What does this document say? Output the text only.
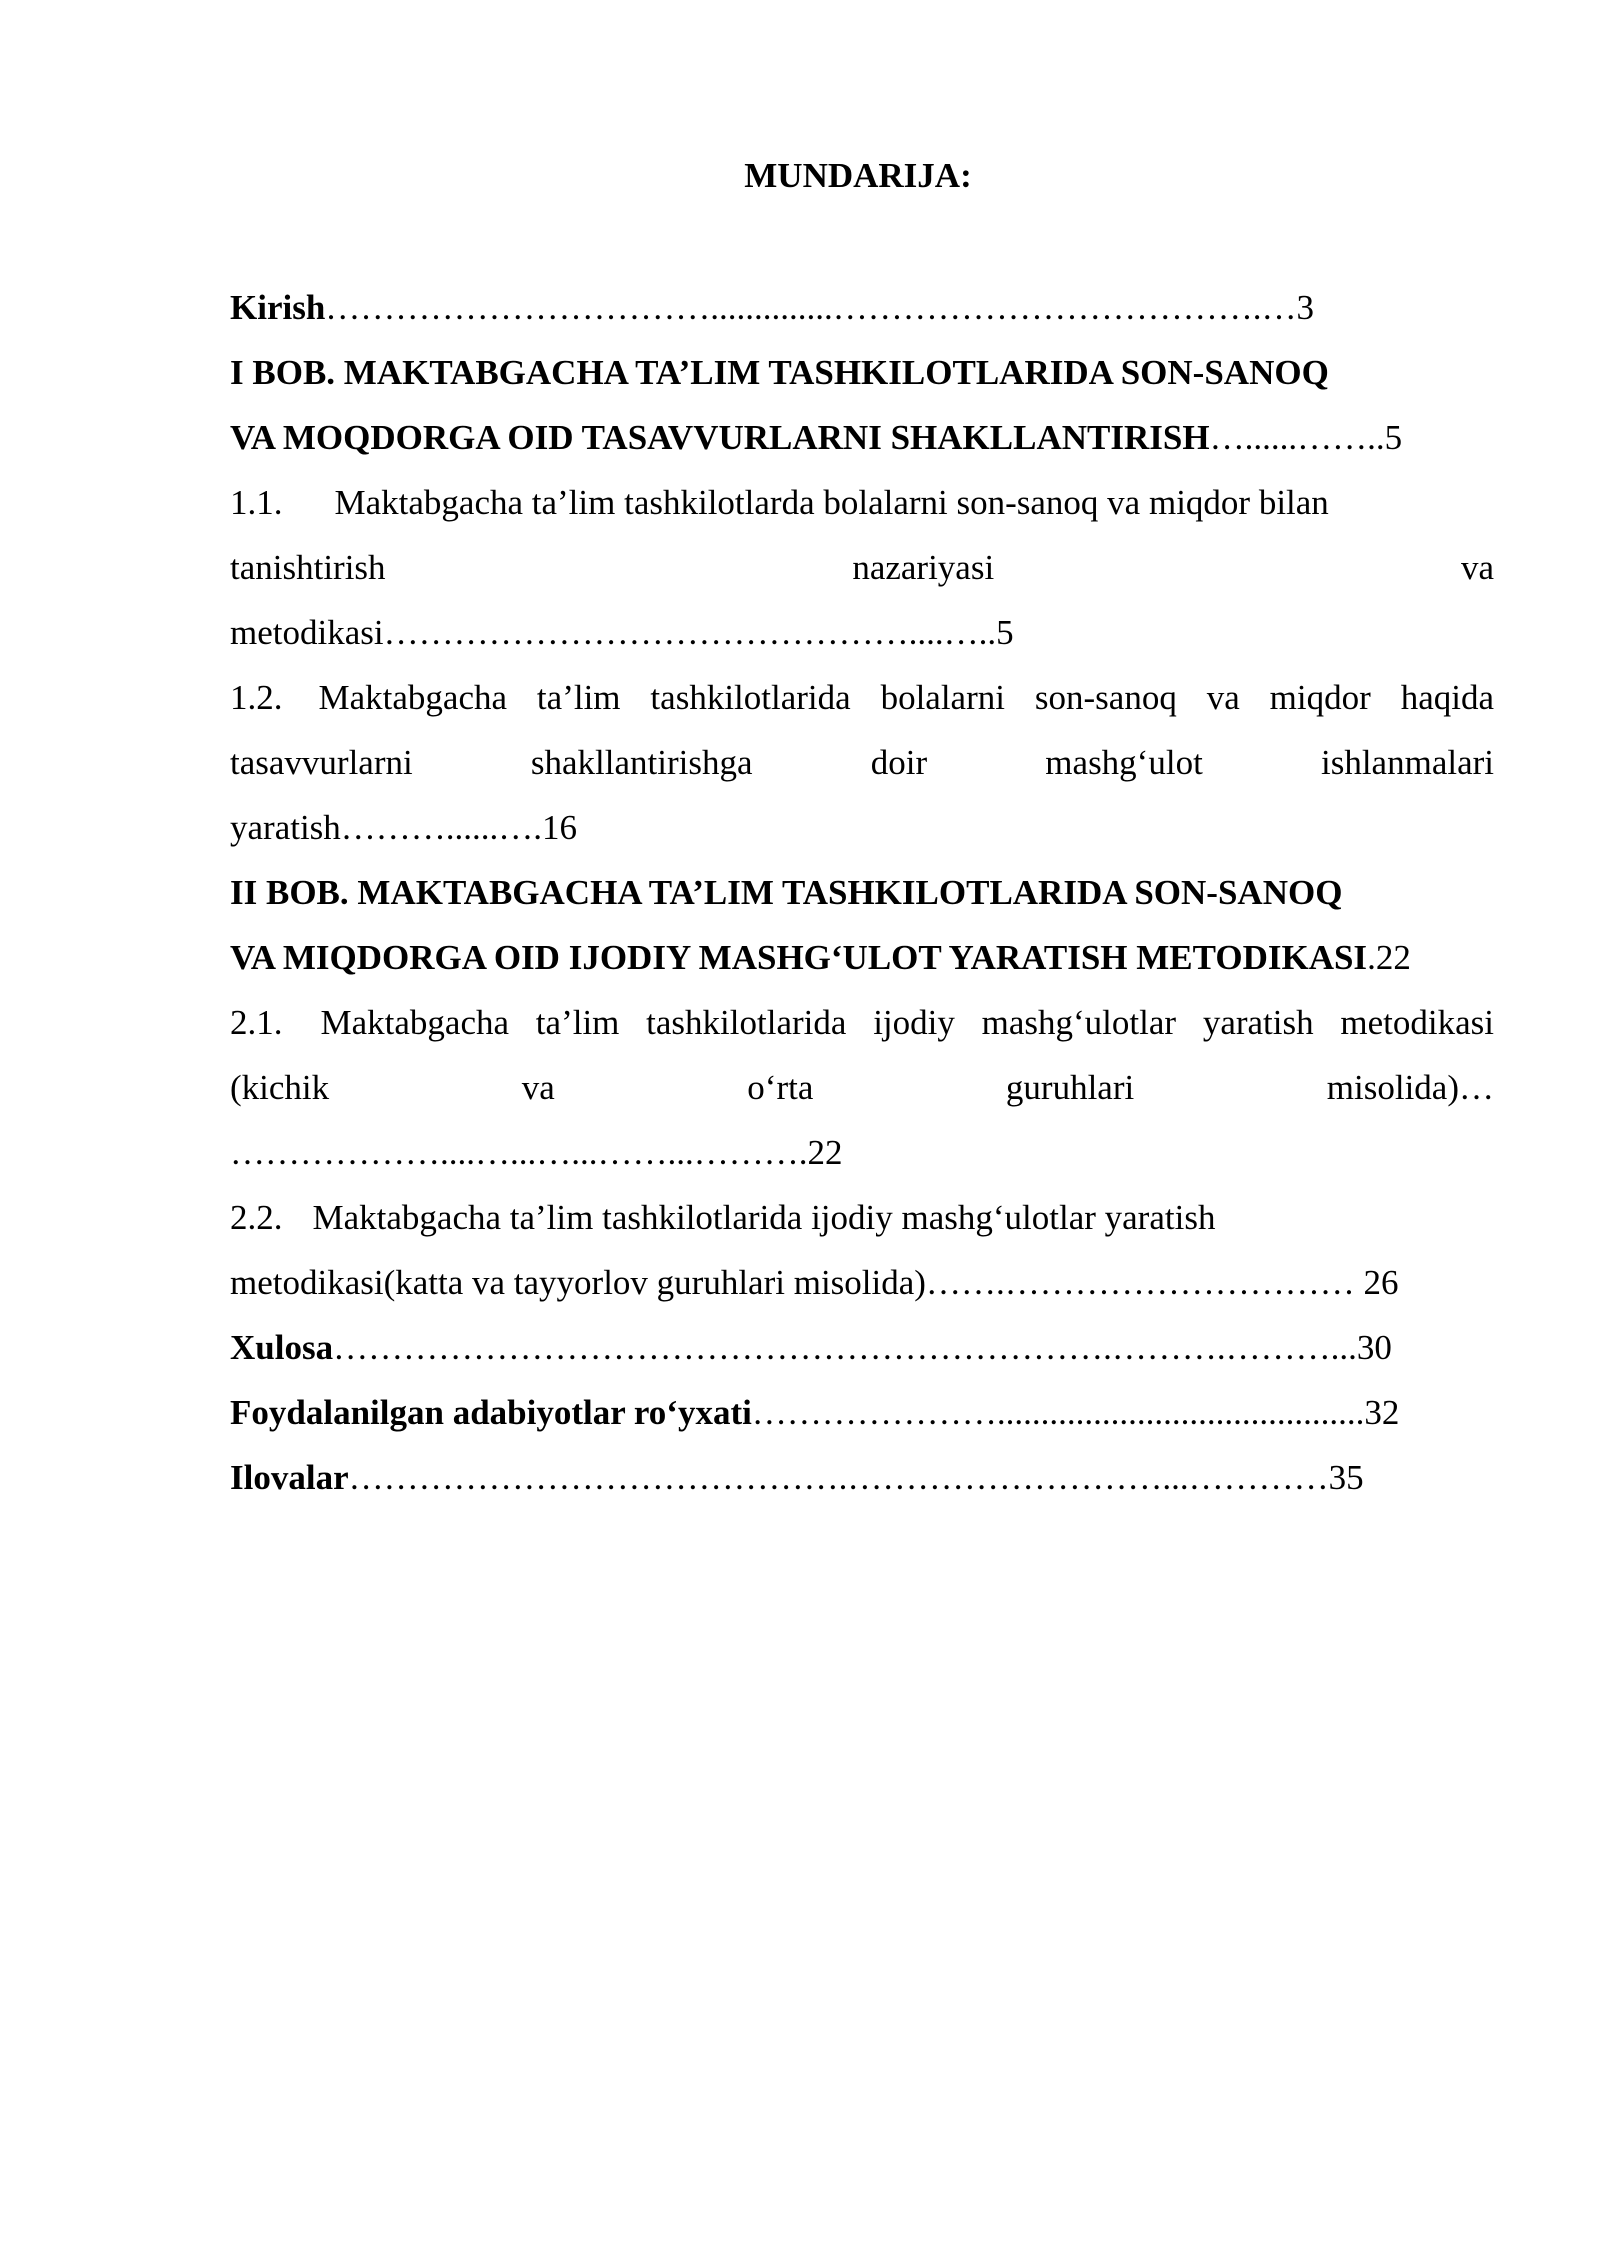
MUNDARIJA:
Kirish……………………………..............……………………………….…3
I BOB. MAKTABGACHA TA’LIM TASHKILOTLARIDA SON-SANOQ
VA MOQDORGA OID TASAVVURLARNI SHAKLLANTIRISH…......……..5
1.1. Maktabgacha ta’lim tashkilotlarda bolalarni son-sanoq va miqdor bilan
tanishtirish nazariyasi va
metodikasi………………………………………....…..5
1.2. Maktabgacha ta’lim tashkilotlarida bolalarni son-sanoq va miqdor haqida
tasavvurlarni shakllantirishga doir mashg‘ulot ishlanmalari
yaratish………......….16
II BOB. MAKTABGACHA TA’LIM TASHKILOTLARIDA SON-SANOQ
VA MIQDORGA OID IJODIY MASHG‘ULOT YARATISH METODIKASI.22
2.1. Maktabgacha ta’lim tashkilotlarida ijodiy mashg‘ulotlar yaratish metodikasi
(kichik va o‘rta guruhlari misolida)…
………………....…...…...……...……….22
2.2. Maktabgacha ta’lim tashkilotlarida ijodiy mashg‘ulotlar yaratish
metodikasi(katta va tayyorlov guruhlari misolida)…….………………………… 26
Xulosa………………………………………………………….……….………...30
Foydalanilgan adabiyotlar ro‘yxati…………………..........................................32
Ilovalar…………………………………….………………………...…………35
